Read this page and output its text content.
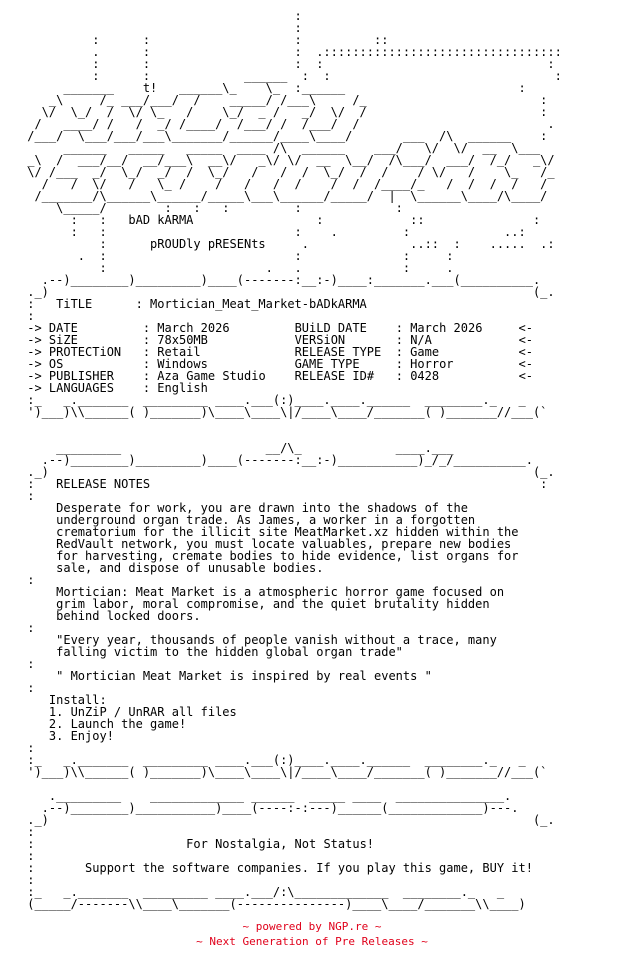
:
:
:      :                    :          ::
.      :                    :  .:::::::::::::::::::::::::::::::::
:      :                    :  :                               :
:      :             ______  :  :                               :
_______    t!   ______\_    \_  :______                        :
_\     /_ ___/___/  /    _____/ /___\     /_                        :
\/  \_/  /  \/ \_   /    \_/  _ /   _/  \/  /                        :
/   ____/ /   /  _/ /____/  /___/ /  /___/  /                          .
/___/  \___/___/___\_______/______/____\____/       ___  /\  ______    :
______   _____   _____  ____ /\  ______    ___/   \/  \/  __  \___
_\  /  ___/__/  __/___\  __\/   _\/ \/  __  \__/  /\___/  ___/  /_/   _\/
\/ /___  _/  \_/  _/  /  \_/   /   /  /  \_/  /  /    / \/   /    \_   /_
/   /  \/   /   \_ /    /   /   /  /    /  /  /____/_   /  /  /  /   /
/_______/\______\______/_____\___\______/_____/  |  \______\____/\____/
\_____/        :   :   :         :             :
:   :   bAD kARMA	:            ::               :
:   :                          :    .         :             ..:
:	pROUDly pRESENts	.              ..::  :    .....  .:
.  :                          :              :     :
:                      .   .              :     .

.--)________)_________)____(-------:__:-)____:_______.___(__________.
._)                                                                   (_.
:   TiTLE      : Mortician_Meat_Market-bADkARMA
:
-> DATE         : March 2026	BUiLD DATE    : March 2026     <-
-> SiZE         : 78x50MB	VERSiON       : N/A            <-
-> PROTECTiON   : Retail	RELEASE TYPE  : Game           <-
-> OS           : Windows	GAME TYPE     : Horror         <-
-> PUBLISHER    : Aza Game Studio RELEASE ID#   : 0428           <-
-> LANGUAGES    : English
:_   _._______  _________ ____.___(:)____.____.______  ________._   _
')___)\\______( )_______)\____\____\|/____\____/_______( )_______//___(`

_________                    __/\_             ____.___
.--)________)_________)____(-------:__:-)___________)_/_/__________.
._)                                                                   (_.
:   RELEASE NOTES                                                      :
:
Desperate for work, you are drawn into the shadows of the
underground organ trade. As James, a worker in a forgotten
crematorium for the illicit site MeatMarket.xz hidden within the
RedVault network, you must locate valuables, prepare new bodies
for harvesting, cremate bodies to hide evidence, list organs for
sale, and dispose of unusable bodies.
:
Mortician: Meat Market is a atmospheric horror game focused on
grim labor, moral compromise, and the quiet brutality hidden
behind locked doors.
:
"Every year, thousands of people vanish without a trace, many
falling victim to the hidden global organ trade"
:
" Mortician Meat Market is inspired by real events "
:
Install:
1. UnZiP / UnRAR all files
2. Launch the game!
3. Enjoy!
:
:_   _._______  _________ ____.___(:)____.____.______  ________._   _
')___)\\______( )_______)\____\____\|/____\____/_______( )_______//___(`

._________    _____________ ______  _____ ____  _______________.
.--)________)___________)____(----:-:---)______(_____________)---.
._)                                                                   (_.
:
:                     For Nostalgia, Not Status!
:
:       Support the software companies. If you play this game, BUY it!
:
:_   _._______  _________ ____.___/:\_____________  ________._   _
(_____/-------\\____\_______(---------------)____\____/_______\\____)
~ powered by NGP.re ~
~ Next Generation of Pre Releases ~
